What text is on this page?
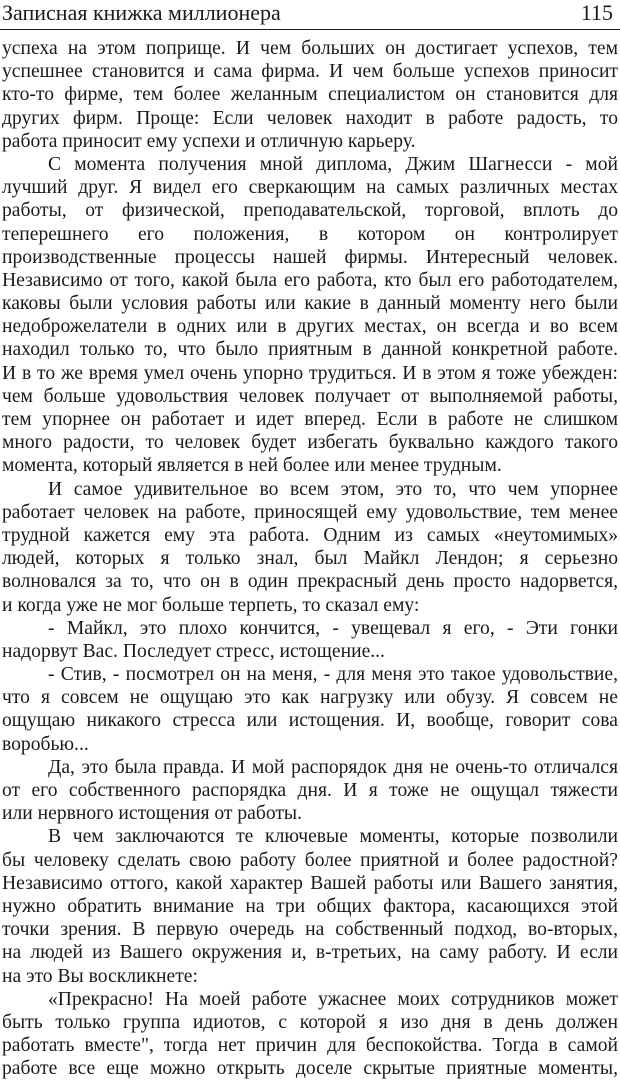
Записная книжка миллионера	115
успеха на этом поприще. И чем больших он достигает успехов, тем
успешнее становится и сама фирма. И чем больше успехов приносит
кто-то фирме, тем более желанным специалистом он становится для
других фирм. Проще: Если человек находит в работе радость, то
работа приносит ему успехи и отличную карьеру.
С момента получения мной диплома, Джим Шагнесси - мой
лучший друг. Я видел его сверкающим на самых различных местах
работы, от физической, преподавательской, торговой, вплоть до
теперешнего его положения, в котором он контролирует
производственные процессы нашей фирмы. Интересный человек.
Независимо от того, какой была его работа, кто был его работодателем,
каковы были условия работы или какие в данный моменту него были
недоброжелатели в одних или в других местах, он всегда и во всем
находил только то, что было приятным в данной конкретной работе.
И в то же время умел очень упорно трудиться. И в этом я тоже убежден:
чем больше удовольствия человек получает от выполняемой работы,
тем упорнее он работает и идет вперед. Если в работе не слишком
много радости, то человек будет избегать буквально каждого такого
момента, который является в ней более или менее трудным.
И самое удивительное во всем этом, это то, что чем упорнее
работает человек на работе, приносящей ему удовольствие, тем менее
трудной кажется ему эта работа. Одним из самых «неутомимых»
людей, которых я только знал, был Майкл Лендон; я серьезно
волновался за то, что он в один прекрасный день просто надорвется,
и когда уже не мог больше терпеть, то сказал ему:
- Майкл, это плохо кончится, - увещевал я его, - Эти гонки
надорвут Вас. Последует стресс, истощение...
- Стив, - посмотрел он на меня, - для меня это такое удовольствие,
что я совсем не ощущаю это как нагрузку или обузу. Я совсем не
ощущаю никакого стресса или истощения. И, вообще, говорит сова
воробью...
Да, это была правда. И мой распорядок дня не очень-то отличался
от его собственного распорядка дня. И я тоже не ощущал тяжести
или нервного истощения от работы.
В чем заключаются те ключевые моменты, которые позволили
бы человеку сделать свою работу более приятной и более радостной?
Независимо оттого, какой характер Вашей работы или Вашего занятия,
нужно обратить внимание на три общих фактора, касающихся этой
точки зрения. В первую очередь на собственный подход, во-вторых,
на людей из Вашего окружения и, в-третьих, на саму работу. И если
на это Вы воскликнете:
«Прекрасно! На моей работе ужаснее моих сотрудников может
быть только группа идиотов, с которой я изо дня в день должен
работать вместе", тогда нет причин для беспокойства. Тогда в самой
работе все еще можно открыть доселе скрытые приятные моменты,
